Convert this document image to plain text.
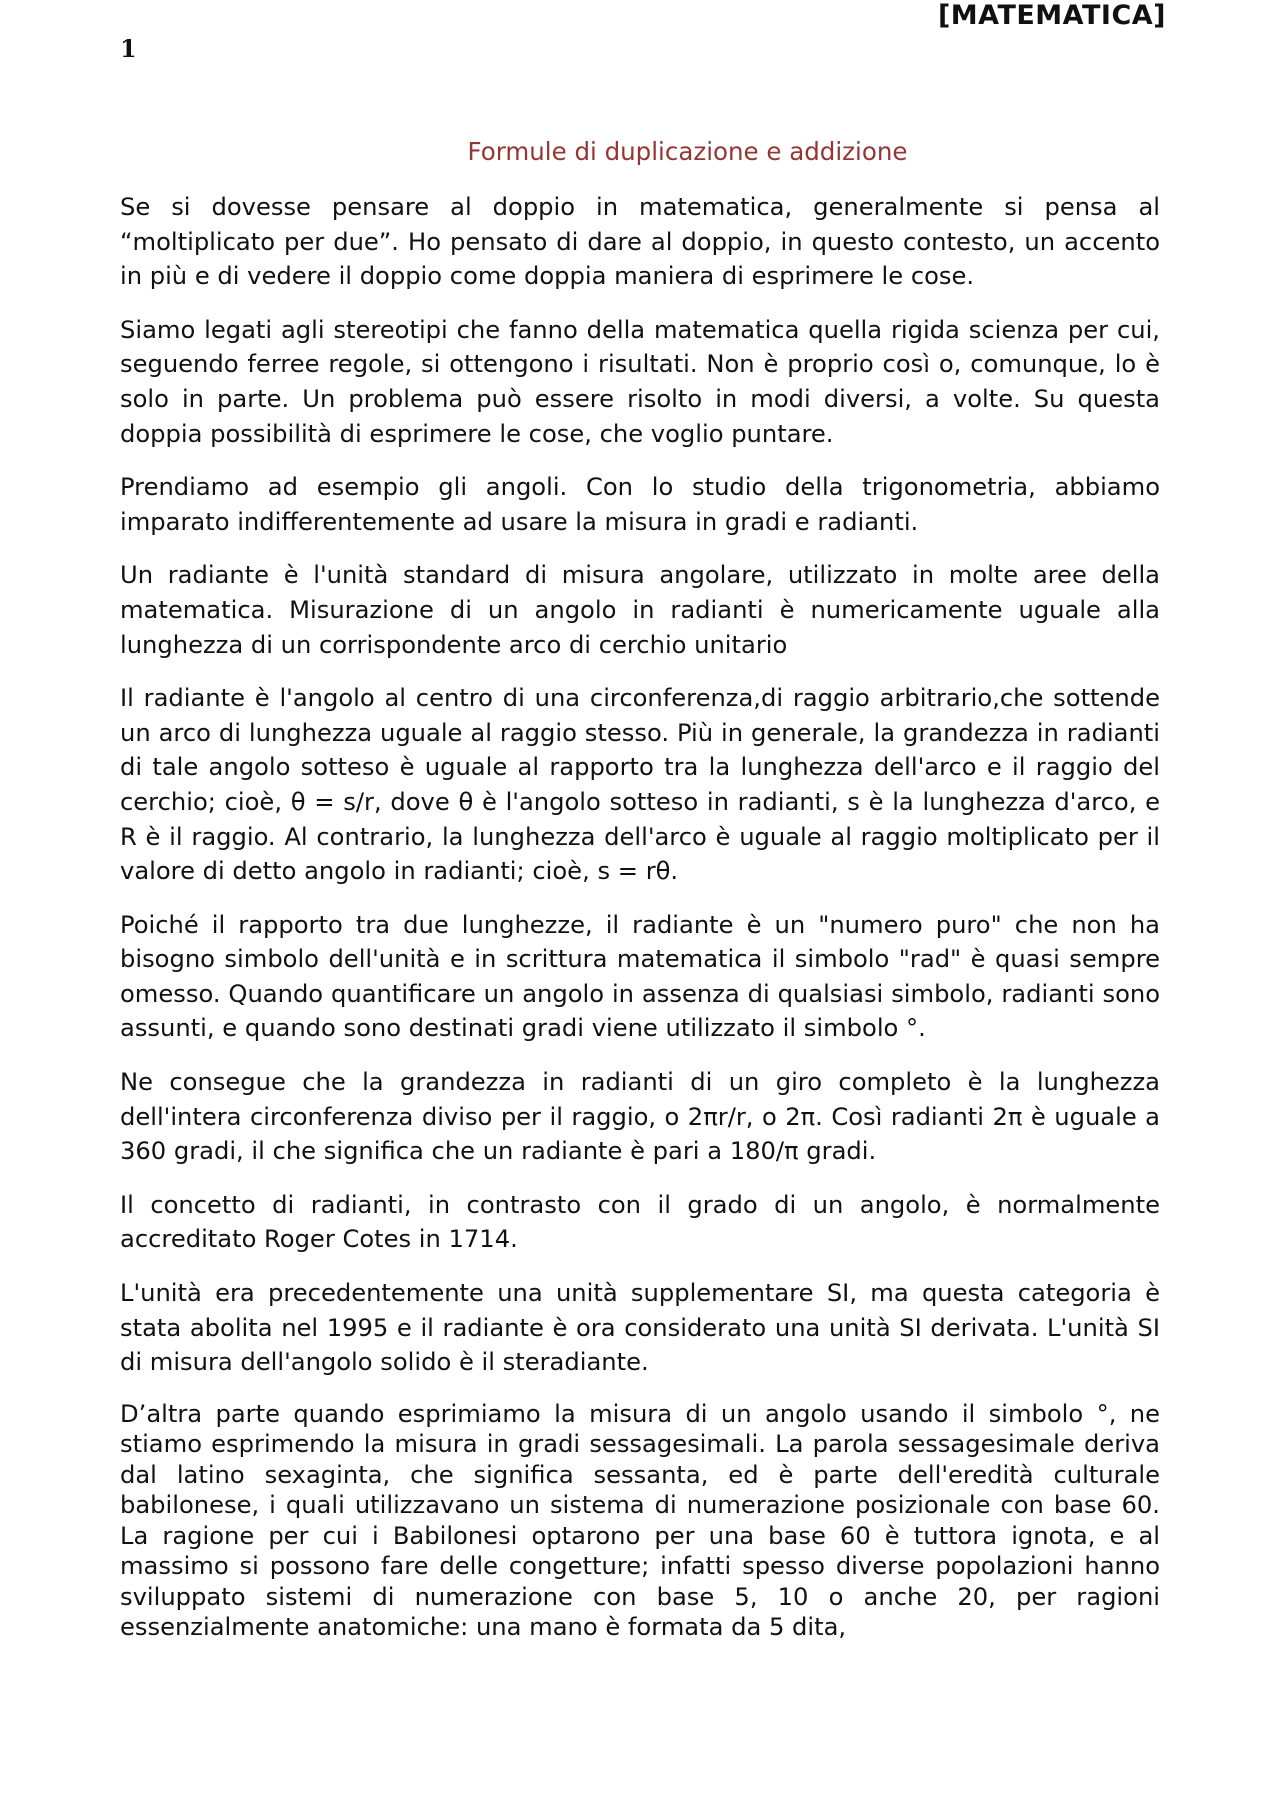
1
[MATEMATICA]
Formule di duplicazione e addizione

Se si dovesse pensare al doppio in matematica, generalmente si pensa al “moltiplicato per due”. Ho pensato di dare al doppio, in questo contesto, un accento in più e di vedere il doppio come doppia maniera di esprimere le cose.

Siamo legati agli stereotipi che fanno della matematica quella rigida scienza per cui, seguendo ferree regole, si ottengono i risultati. Non è proprio così o, comunque, lo è solo in parte. Un problema può essere risolto in modi diversi, a volte. Su questa doppia possibilità di esprimere le cose, che voglio puntare.

Prendiamo ad esempio gli angoli. Con lo studio della trigonometria, abbiamo imparato indifferentemente ad usare la misura in gradi e radianti.

Un radiante è l'unità standard di misura angolare, utilizzato in molte aree della matematica. Misurazione di un angolo in radianti è numericamente uguale alla lunghezza di un corrispondente arco di cerchio unitario

Il radiante è l'angolo al centro di una circonferenza,di raggio arbitrario,che sottende un arco di lunghezza uguale al raggio stesso. Più in generale, la grandezza in radianti di tale angolo sotteso è uguale al rapporto tra la lunghezza dell'arco e il raggio del cerchio; cioè, θ = s/r, dove θ è l'angolo sotteso in radianti, s è la lunghezza d'arco, e R è il raggio. Al contrario, la lunghezza dell'arco è uguale al raggio moltiplicato per il valore di detto angolo in radianti; cioè, s = rθ.

Poiché il rapporto tra due lunghezze, il radiante è un "numero puro" che non ha bisogno simbolo dell'unità e in scrittura matematica il simbolo "rad" è quasi sempre omesso. Quando quantificare un angolo in assenza di qualsiasi simbolo, radianti sono assunti, e quando sono destinati gradi viene utilizzato il simbolo °.

Ne consegue che la grandezza in radianti di un giro completo è la lunghezza dell'intera circonferenza diviso per il raggio, o 2πr/r, o 2π. Così radianti 2π è uguale a 360 gradi, il che significa che un radiante è pari a 180/π gradi.

Il concetto di radianti, in contrasto con il grado di un angolo, è normalmente accreditato Roger Cotes in 1714.

L'unità era precedentemente una unità supplementare SI, ma questa categoria è stata abolita nel 1995 e il radiante è ora considerato una unità SI derivata. L'unità SI di misura dell'angolo solido è il steradiante.

D’altra parte quando esprimiamo la misura di un angolo usando il simbolo °, ne stiamo esprimendo la misura in gradi sessagesimali. La parola sessagesimale deriva dal latino sexaginta, che significa sessanta, ed è parte dell'eredità culturale babilonese, i quali utilizzavano un sistema di numerazione posizionale con base 60. La ragione per cui i Babilonesi optarono per una base 60 è tuttora ignota, e al massimo si possono fare delle congetture; infatti spesso diverse popolazioni hanno sviluppato sistemi di numerazione con base 5, 10 o anche 20, per ragioni essenzialmente anatomiche: una mano è formata da 5 dita,
